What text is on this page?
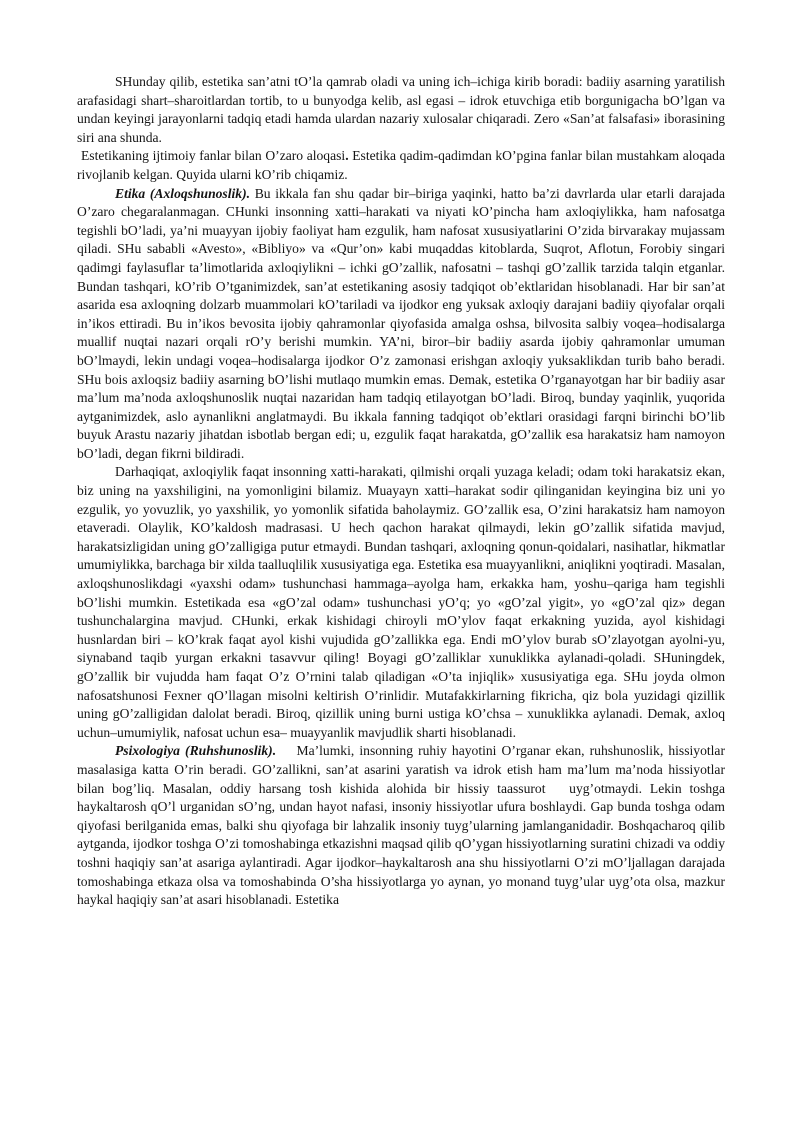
SHunday qilib, estetika san’atni tO’la qamrab oladi va uning ich–ichiga kirib boradi: badiiy asarning yaratilish arafasidagi shart–sharoitlardan tortib, to u bunyodga kelib, asl egasi – idrok etuvchiga etib borgunigacha bO’lgan va undan keyingi jarayonlarni tadqiq etadi hamda ulardan nazariy xulosalar chiqaradi. Zero «San’at falsafasi» iborasining siri ana shunda.

Estetikaning ijtimoiy fanlar bilan O’zaro aloqasi. Estetika qadim-qadimdan kO’pgina fanlar bilan mustahkam aloqada rivojlanib kelgan. Quyida ularni kO’rib chiqamiz.

Etika (Axloqshunoslik). Bu ikkala fan shu qadar bir–biriga yaqinki, hatto ba’zi davrlarda ular etarli darajada O’zaro chegaralanmagan. CHunki insonning xatti–harakati va niyati kO’pincha ham axloqiylikka, ham nafosatga tegishli bO’ladi, ya’ni muayyan ijobiy faoliyat ham ezgulik, ham nafosat xususiyatlarini O’zida birvarakay mujassam qiladi. SHu sababli «Avesto», «Bibliyo» va «Qur’on» kabi muqaddas kitoblarda, Suqrot, Aflotun, Forobiy singari qadimgi faylasuflar ta’limotlarida axloqiylikni – ichki gO’zallik, nafosatni – tashqi gO’zallik tarzida talqin etganlar. Bundan tashqari, kO’rib O’tganimizdek, san’at estetikaning asosiy tadqiqot ob’ektlaridan hisoblanadi. Har bir san’at asarida esa axloqning dolzarb muammolari kO’tariladi va ijodkor eng yuksak axloqiy darajani badiiy qiyofalar orqali in’ikos ettiradi. Bu in’ikos bevosita ijobiy qahramonlar qiyofasida amalga oshsa, bilvosita salbiy voqea–hodisalarga muallif nuqtai nazari orqali rO’y berishi mumkin. YA’ni, biror–bir badiiy asarda ijobiy qahramonlar umuman bO’lmaydi, lekin undagi voqea–hodisalarga ijodkor O’z zamonasi erishgan axloqiy yuksaklikdan turib baho beradi. SHu bois axloqsiz badiiy asarning bO’lishi mutlaqo mumkin emas. Demak, estetika O’rganayotgan har bir badiiy asar ma’lum ma’noda axloqshunoslik nuqtai nazaridan ham tadqiq etilayotgan bO’ladi. Biroq, bunday yaqinlik, yuqorida aytganimizdek, aslo aynanlikni anglatmaydi. Bu ikkala fanning tadqiqot ob’ektlari orasidagi farqni birinchi bO’lib buyuk Arastu nazariy jihatdan isbotlab bergan edi; u, ezgulik faqat harakatda, gO’zallik esa harakatsiz ham namoyon bO’ladi, degan fikrni bildiradi.

Darhaqiqat, axloqiylik faqat insonning xatti-harakati, qilmishi orqali yuzaga keladi; odam toki harakatsiz ekan, biz uning na yaxshiligini, na yomonligini bilamiz. Muayayn xatti–harakat sodir qilinganidan keyingina biz uni yo ezgulik, yo yovuzlik, yo yaxshilik, yo yomonlik sifatida baholaymiz. GO’zallik esa, O’zini harakatsiz ham namoyon etaveradi. Olaylik, KO’kaldosh madrasasi. U hech qachon harakat qilmaydi, lekin gO’zallik sifatida mavjud, harakatsizligidan uning gO’zalligiga putur etmaydi. Bundan tashqari, axloqning qonun-qoidalari, nasihatlar, hikmatlar umumiylikka, barchaga bir xilda taalluqlilik xususiyatiga ega. Estetika esa muayyanlikni, aniqlikni yoqtiradi. Masalan, axloqshunoslikdagi «yaxshi odam» tushunchasi hammaga–ayolga ham, erkakka ham, yoshu–qariga ham tegishli bO’lishi mumkin. Estetikada esa «gO’zal odam» tushunchasi yO’q; yo «gO’zal yigit», yo «gO’zal qiz» degan tushunchalargina mavjud. CHunki, erkak kishidagi chiroyli mO’ylov faqat erkakning yuzida, ayol kishidagi husnlardan biri – kO’krak faqat ayol kishi vujudida gO’zallikka ega. Endi mO’ylov burab sO’zlayotgan ayolni-yu, siynaband taqib yurgan erkakni tasavvur qiling! Boyagi gO’zalliklar xunuklikka aylanadi-qoladi. SHuningdek, gO’zallik bir vujudda ham faqat O’z O’rnini talab qiladigan «O’ta injiqlik» xususiyatiga ega. SHu joyda olmon nafosatshunosi Fexner qO’llagan misolni keltirish O’rinlidir. Mutafakkirlarning fikricha, qiz bola yuzidagi qizillik uning gO’zalligidan dalolat beradi. Biroq, qizillik uning burni ustiga kO’chsa – xunuklikka aylanadi. Demak, axloq uchun–umumiylik, nafosat uchun esa– muayyanlik mavjudlik sharti hisoblanadi.

Psixologiya (Ruhshunoslik).    Ma’lumki, insonning ruhiy hayotini O’rganar ekan, ruhshunoslik, hissiyotlar masalasiga katta O’rin beradi. GO’zallikni, san’at asarini yaratish va idrok etish ham ma’lum ma’noda hissiyotlar bilan bog’liq. Masalan, oddiy harsang tosh kishida alohida bir hissiy taassurot   uyg’otmaydi. Lekin toshga haykaltarosh qO’l urganidan sO’ng, undan hayot nafasi, insoniy hissiyotlar ufura boshlaydi. Gap bunda toshga odam qiyofasi berilganida emas, balki shu qiyofaga bir lahzalik insoniy tuyg’ularning jamlanganidadir. Boshqacharoq qilib aytganda, ijodkor toshga O’zi tomoshabinga etkazishni maqsad qilib qO’ygan hissiyotlarning suratini chizadi va oddiy toshni haqiqiy san’at asariga aylantiradi. Agar ijodkor–haykaltarosh ana shu hissiyotlarni O’zi mO’ljallagan darajada tomoshabinga etkaza olsa va tomoshabinda O’sha hissiyotlarga yo aynan, yo monand tuyg’ular uyg’ota olsa, mazkur haykal haqiqiy san’at asari hisoblanadi. Estetika
